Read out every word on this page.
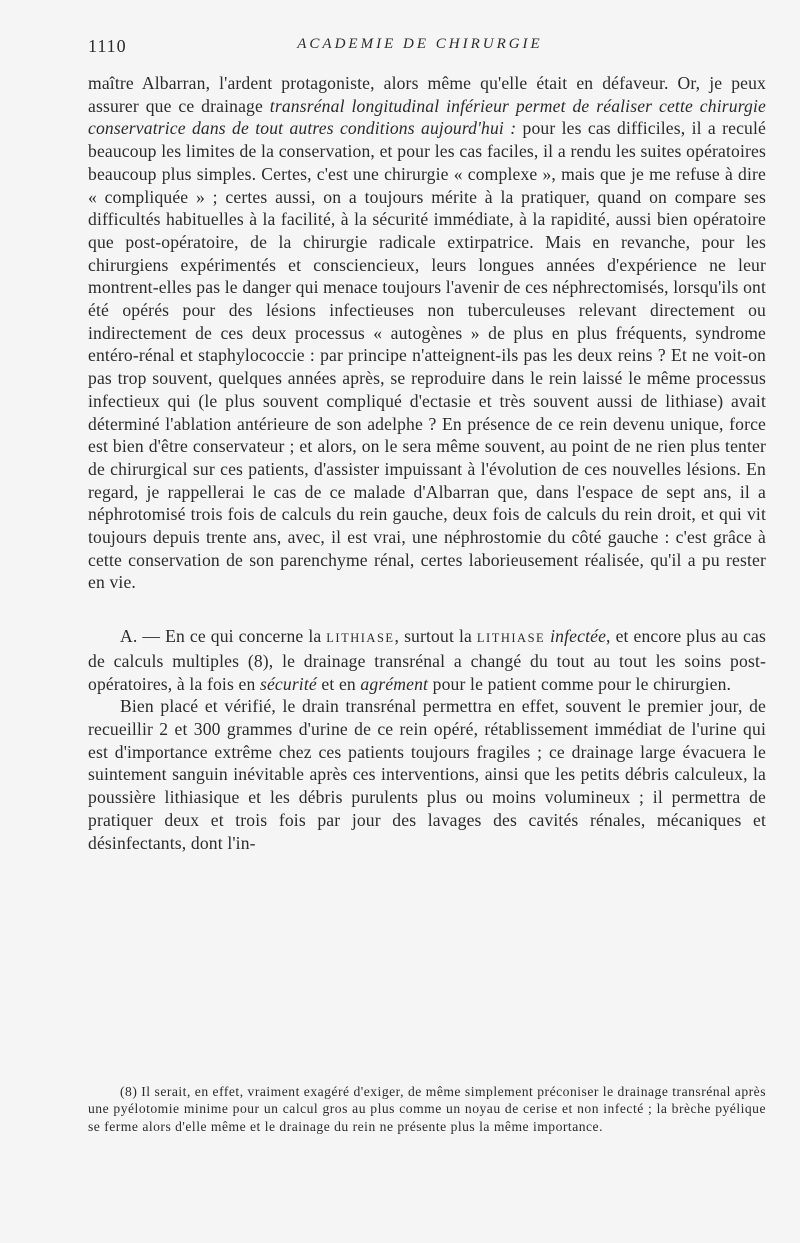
1110	ACADEMIE DE CHIRURGIE

maître Albarran, l'ardent protagoniste, alors même qu'elle était en défaveur. Or, je peux assurer que ce drainage transrénal longitudinal inférieur permet de réaliser cette chirurgie conservatrice dans de tout autres conditions aujourd'hui : pour les cas difficiles, il a reculé beaucoup les limites de la conservation, et pour les cas faciles, il a rendu les suites opératoires beaucoup plus simples. Certes, c'est une chirurgie « complexe », mais que je me refuse à dire « compliquée » ; certes aussi, on a toujours mérite à la pratiquer, quand on compare ses difficultés habituelles à la facilité, à la sécurité immédiate, à la rapidité, aussi bien opératoire que post-opératoire, de la chirurgie radicale extirpatrice. Mais en revanche, pour les chirurgiens expérimentés et consciencieux, leurs longues années d'expérience ne leur montrent-elles pas le danger qui menace toujours l'avenir de ces néphrectomisés, lorsqu'ils ont été opérés pour des lésions infectieuses non tuberculeuses relevant directement ou indirectement de ces deux processus « autogènes » de plus en plus fréquents, syndrome entéro-rénal et staphylococcie : par principe n'atteignent-ils pas les deux reins ? Et ne voit-on pas trop souvent, quelques années après, se reproduire dans le rein laissé le même processus infectieux qui (le plus souvent compliqué d'ectasie et très souvent aussi de lithiase) avait déterminé l'ablation antérieure de son adelphe ? En présence de ce rein devenu unique, force est bien d'être conservateur ; et alors, on le sera même souvent, au point de ne rien plus tenter de chirurgical sur ces patients, d'assister impuissant à l'évolution de ces nouvelles lésions. En regard, je rappellerai le cas de ce malade d'Albarran que, dans l'espace de sept ans, il a néphrotomisé trois fois de calculs du rein gauche, deux fois de calculs du rein droit, et qui vit toujours depuis trente ans, avec, il est vrai, une néphrostomie du côté gauche : c'est grâce à cette conservation de son parenchyme rénal, certes laborieusement réalisée, qu'il a pu rester en vie.

A. — En ce qui concerne la LITHIASE, surtout la LITHIASE infectée, et encore plus au cas de calculs multiples (8), le drainage transrénal a changé du tout au tout les soins post-opératoires, à la fois en sécurité et en agrément pour le patient comme pour le chirurgien.

Bien placé et vérifié, le drain transrénal permettra en effet, souvent le premier jour, de recueillir 2 et 300 grammes d'urine de ce rein opéré, rétablissement immédiat de l'urine qui est d'importance extrême chez ces patients toujours fragiles ; ce drainage large évacuera le suintement sanguin inévitable après ces interventions, ainsi que les petits débris calculeux, la poussière lithiasique et les débris purulents plus ou moins volumineux ; il permettra de pratiquer deux et trois fois par jour des lavages des cavités rénales, mécaniques et désinfectants, dont l'in-

(8) Il serait, en effet, vraiment exagéré d'exiger, de même simplement préconiser le drainage transrénal après une pyélotomie minime pour un calcul gros au plus comme un noyau de cerise et non infecté ; la brèche pyélique se ferme alors d'elle même et le drainage du rein ne présente plus la même importance.
